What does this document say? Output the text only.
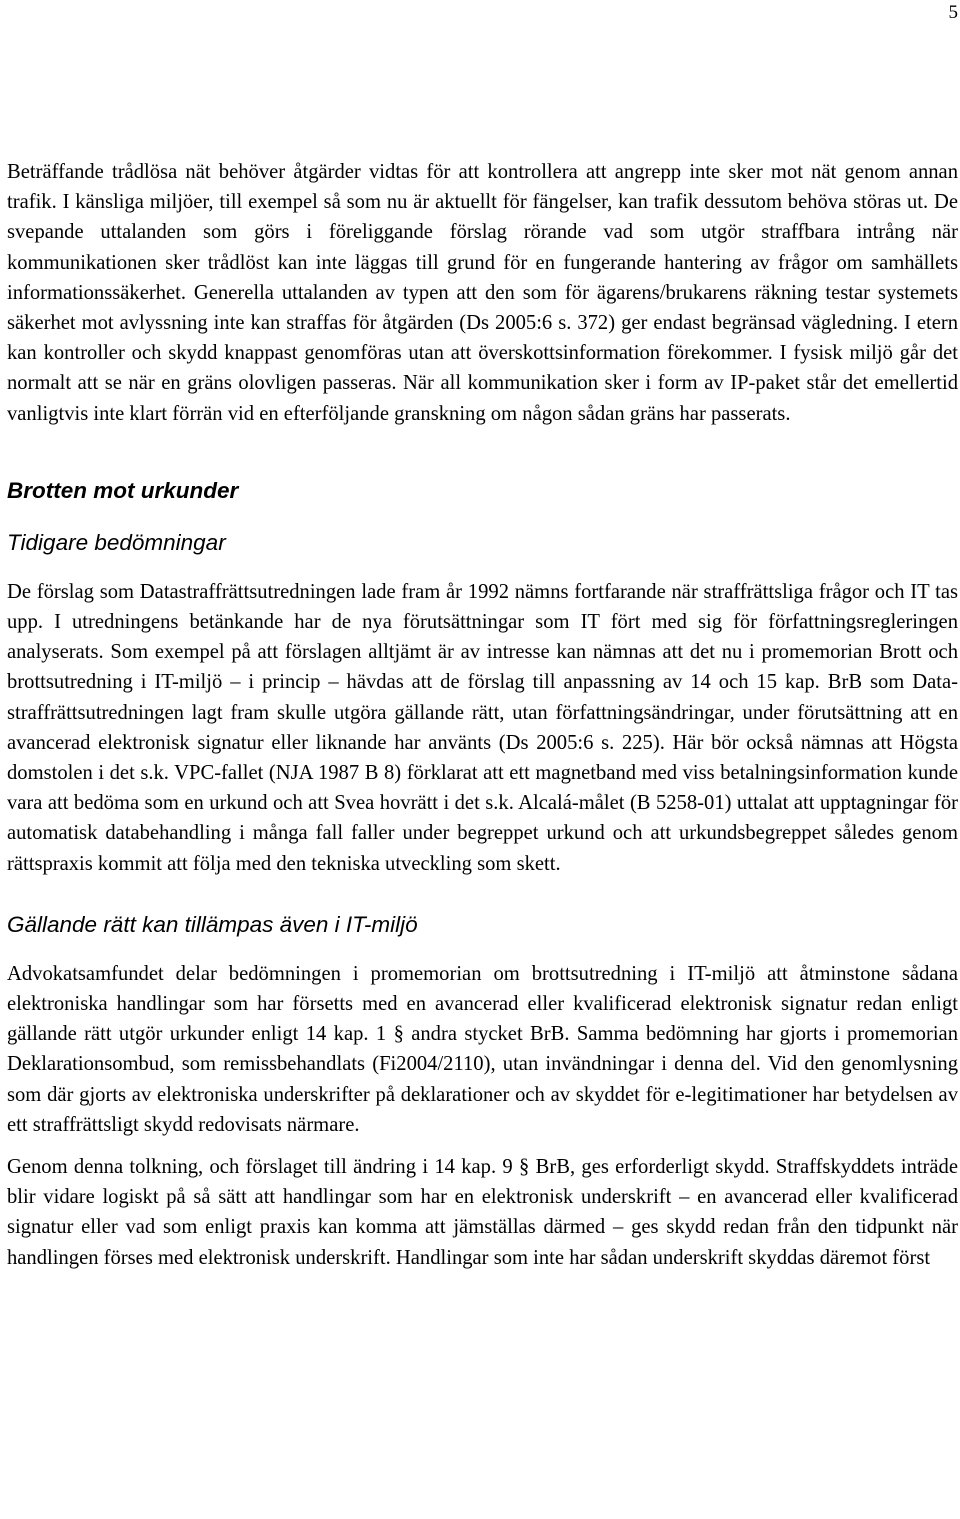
5

Beträffande trådlösa nät behöver åtgärder vidtas för att kontrollera att angrepp inte sker mot nät genom annan trafik. I känsliga miljöer, till exempel så som nu är aktuellt för fängelser, kan trafik dessutom behöva störas ut. De svepande uttalanden som görs i föreliggande förslag rörande vad som utgör straffbara intrång när kommunikationen sker trådlöst kan inte läggas till grund för en fungerande hantering av frågor om samhällets informationssäkerhet. Generella uttalanden av typen att den som för ägarens/brukarens räkning testar systemets säkerhet mot avlyssning inte kan straffas för åtgärden (Ds 2005:6 s. 372) ger endast begränsad vägledning. I etern kan kontroller och skydd knappast genomföras utan att överskottsinformation förekommer. I fysisk miljö går det normalt att se när en gräns olovligen passeras. När all kommunikation sker i form av IP-paket står det emellertid vanligtvis inte klart förrän vid en efterföljande granskning om någon sådan gräns har passerats.

Brotten mot urkunder
Tidigare bedömningar

De förslag som Datastraffrättsutredningen lade fram år 1992 nämns fortfarande när straffrättsliga frågor och IT tas upp. I utredningens betänkande har de nya förutsättningar som IT fört med sig för författningsregleringen analyserats. Som exempel på att förslagen alltjämt är av intresse kan nämnas att det nu i promemorian Brott och brottsutredning i IT-miljö – i princip – hävdas att de förslag till anpassning av 14 och 15 kap. BrB som Datastraffrättsutredningen lagt fram skulle utgöra gällande rätt, utan författningsändringar, under förutsättning att en avancerad elektronisk signatur eller liknande har använts (Ds 2005:6 s. 225). Här bör också nämnas att Högsta domstolen i det s.k. VPC-fallet (NJA 1987 B 8) förklarat att ett magnetband med viss betalningsinformation kunde vara att bedöma som en urkund och att Svea hovrätt i det s.k. Alcalá-målet (B 5258-01) uttalat att upptagningar för automatisk databehandling i många fall faller under begreppet urkund och att urkundsbegreppet således genom rättspraxis kommit att följa med den tekniska utveckling som skett.

Gällande rätt kan tillämpas även i IT-miljö

Advokatsamfundet delar bedömningen i promemorian om brottsutredning i IT-miljö att åtminstone sådana elektroniska handlingar som har försetts med en avancerad eller kvalificerad elektronisk signatur redan enligt gällande rätt utgör urkunder enligt 14 kap. 1 § andra stycket BrB. Samma bedömning har gjorts i promemorian Deklarationsombud, som remissbehandlats (Fi2004/2110), utan invändningar i denna del. Vid den genomlysning som där gjorts av elektroniska underskrifter på deklarationer och av skyddet för e-legitimationer har betydelsen av ett straffrättsligt skydd redovisats närmare.

Genom denna tolkning, och förslaget till ändring i 14 kap. 9 § BrB, ges erforderligt skydd. Straffskyddets inträde blir vidare logiskt på så sätt att handlingar som har en elektronisk underskrift – en avancerad eller kvalificerad signatur eller vad som enligt praxis kan komma att jämställas därmed – ges skydd redan från den tidpunkt när handlingen förses med elektronisk underskrift. Handlingar som inte har sådan underskrift skyddas däremot först
